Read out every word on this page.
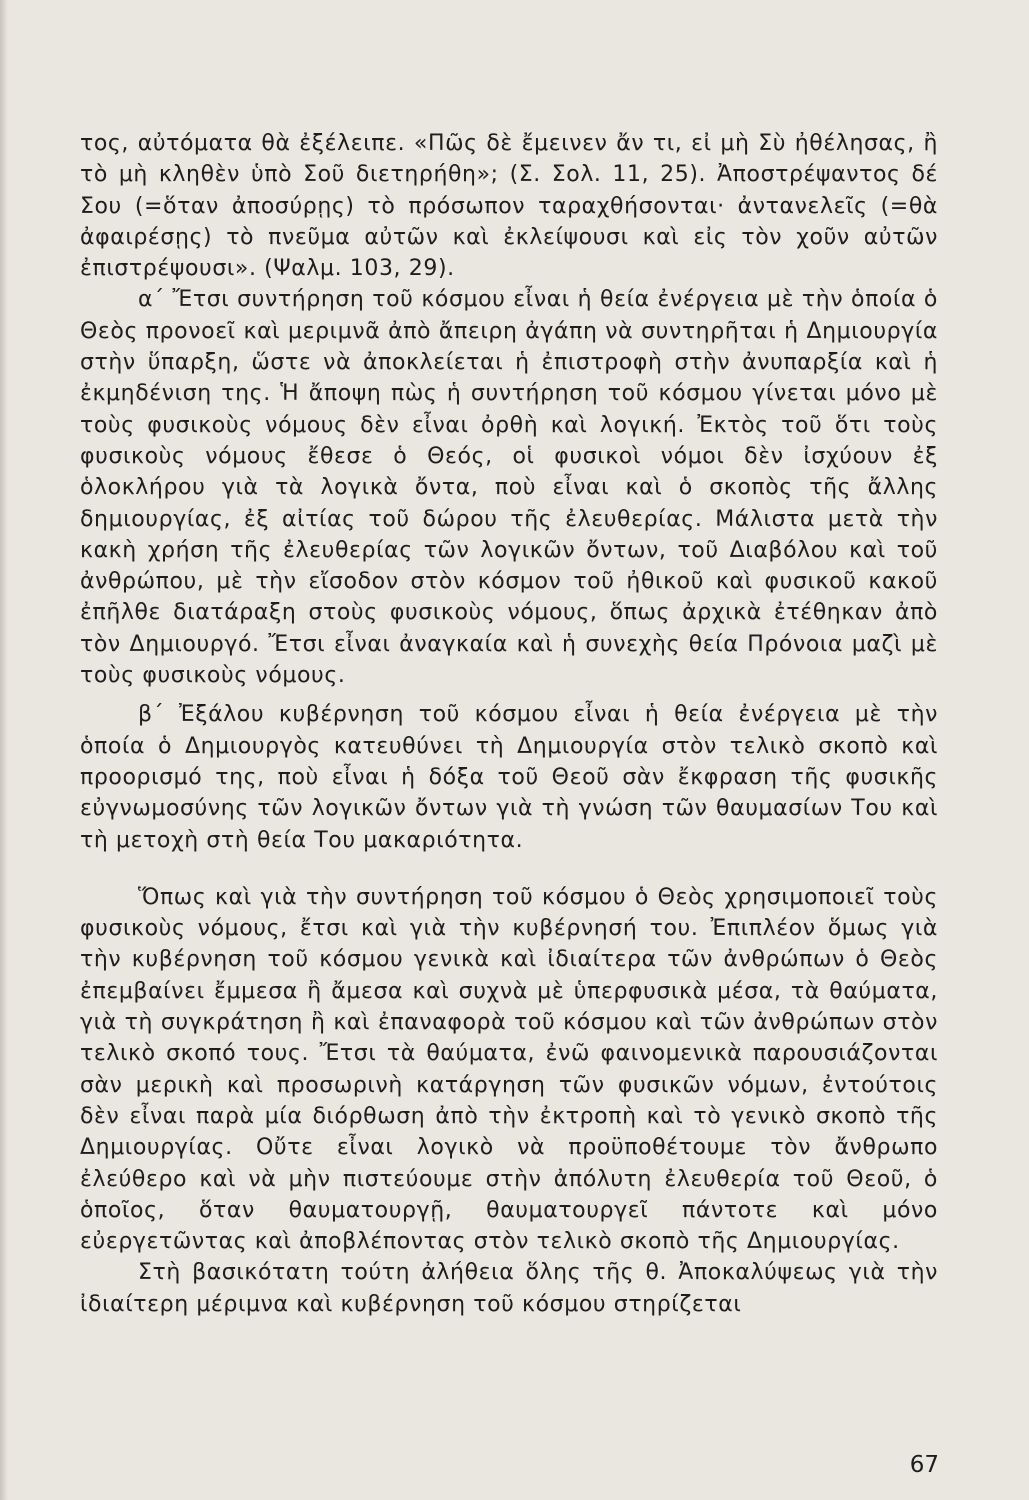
τος, αὐτόματα θὰ ἐξέλειπε. «Πῶς δὲ ἔμεινεν ἄν τι, εἰ μὴ Σὺ ἠθέλησας, ἢ τὸ μὴ κληθὲν ὑπὸ Σοῦ διετηρήθη»; (Σ. Σολ. 11, 25). Ἀποστρέψαντος δέ Σου (=ὅταν ἀποσύρῃς) τὸ πρόσωπον ταραχθήσονται· ἀντανελεῖς (=θὰ ἀφαιρέσῃς) τὸ πνεῦμα αὐτῶν καὶ ἐκλείψουσι καὶ εἰς τὸν χοῦν αὐτῶν ἐπιστρέψουσι». (Ψαλμ. 103, 29).

α΄ Ἔτσι συντήρηση τοῦ κόσμου εἶναι ἡ θεία ἐνέργεια μὲ τὴν ὁποία ὁ Θεὸς προνοεῖ καὶ μεριμνᾶ ἀπὸ ἄπειρη ἀγάπη νὰ συντηρῆται ἡ Δημιουργία στὴν ὕπαρξη, ὥστε νὰ ἀποκλείεται ἡ ἐπιστροφὴ στὴν ἀνυπαρξία καὶ ἡ ἐκμηδένιση της. Ἡ ἄποψη πὼς ἡ συντήρηση τοῦ κόσμου γίνεται μόνο μὲ τοὺς φυσικοὺς νόμους δὲν εἶναι ὀρθὴ καὶ λογική. Ἐκτὸς τοῦ ὅτι τοὺς φυσικοὺς νόμους ἔθεσε ὁ Θεός, οἱ φυσικοὶ νόμοι δὲν ἰσχύουν ἐξ ὁλοκλήρου γιὰ τὰ λογικὰ ὄντα, ποὺ εἶναι καὶ ὁ σκοπὸς τῆς ἄλλης δημιουργίας, ἐξ αἰτίας τοῦ δώρου τῆς ἐλευθερίας. Μάλιστα μετὰ τὴν κακὴ χρήση τῆς ἐλευθερίας τῶν λογικῶν ὄντων, τοῦ Διαβόλου καὶ τοῦ ἀνθρώπου, μὲ τὴν εἴσοδον στὸν κόσμον τοῦ ἠθικοῦ καὶ φυσικοῦ κακοῦ ἐπῆλθε διατάραξη στοὺς φυσικοὺς νόμους, ὅπως ἀρχικὰ ἐτέθηκαν ἀπὸ τὸν Δημιουργό. Ἔτσι εἶναι ἀναγκαία καὶ ἡ συνεχὴς θεία Πρόνοια μαζὶ μὲ τοὺς φυσικοὺς νόμους.

β΄ Ἐξάλου κυβέρνηση τοῦ κόσμου εἶναι ἡ θεία ἐνέργεια μὲ τὴν ὁποία ὁ Δημιουργὸς κατευθύνει τὴ Δημιουργία στὸν τελικὸ σκοπὸ καὶ προορισμό της, ποὺ εἶναι ἡ δόξα τοῦ Θεοῦ σὰν ἔκφραση τῆς φυσικῆς εὐγνωμοσύνης τῶν λογικῶν ὄντων γιὰ τὴ γνώση τῶν θαυμασίων Του καὶ τὴ μετοχὴ στὴ θεία Του μακαριότητα.

Ὅπως καὶ γιὰ τὴν συντήρηση τοῦ κόσμου ὁ Θεὸς χρησιμοποιεῖ τοὺς φυσικοὺς νόμους, ἔτσι καὶ γιὰ τὴν κυβέρνησή του. Ἐπιπλέον ὅμως γιὰ τὴν κυβέρνηση τοῦ κόσμου γενικὰ καὶ ἰδιαίτερα τῶν ἀνθρώπων ὁ Θεὸς ἐπεμβαίνει ἔμμεσα ἢ ἄμεσα καὶ συχνὰ μὲ ὑπερφυσικὰ μέσα, τὰ θαύματα, γιὰ τὴ συγκράτηση ἢ καὶ ἐπαναφορὰ τοῦ κόσμου καὶ τῶν ἀνθρώπων στὸν τελικὸ σκοπό τους. Ἔτσι τὰ θαύματα, ἐνῶ φαινομενικὰ παρουσιάζονται σὰν μερικὴ καὶ προσωρινὴ κατάργηση τῶν φυσικῶν νόμων, ἐντούτοις δὲν εἶναι παρὰ μία διόρθωση ἀπὸ τὴν ἐκτροπὴ καὶ τὸ γενικὸ σκοπὸ τῆς Δημιουργίας. Οὔτε εἶναι λογικὸ νὰ προϋποθέτουμε τὸν ἄνθρωπο ἐλεύθερο καὶ νὰ μὴν πιστεύουμε στὴν ἀπόλυτη ἐλευθερία τοῦ Θεοῦ, ὁ ὁποῖος, ὅταν θαυματουργῇ, θαυματουργεῖ πάντοτε καὶ μόνο εὐεργετῶντας καὶ ἀποβλέποντας στὸν τελικὸ σκοπὸ τῆς Δημιουργίας.

Στὴ βασικότατη τούτη ἀλήθεια ὅλης τῆς θ. Ἀποκαλύψεως γιὰ τὴν ἰδιαίτερη μέριμνα καὶ κυβέρνηση τοῦ κόσμου στηρίζεται

67
